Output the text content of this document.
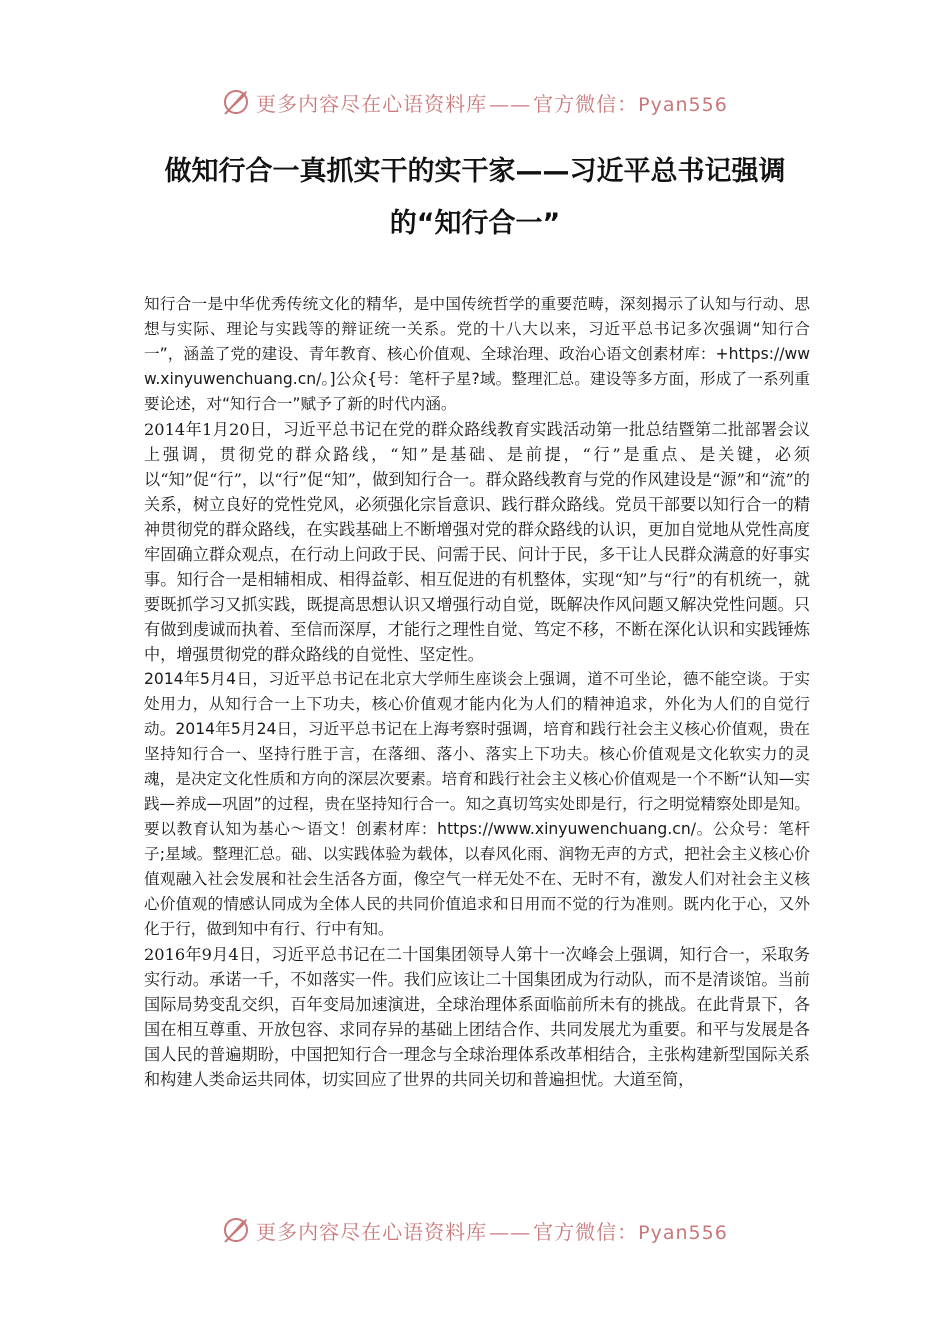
更多内容尽在心语资料库 —— 官方微信：Pyan556
做知行合一真抓实干的实干家——习近平总书记强调的“知行合一”

知行合一是中华优秀传统文化的精华，是中国传统哲学的重要范畴，深刻揭示了认知与行动、思想与实际、理论与实践等的辩证统一关系。党的十八大以来，习近平总书记多次强调“知行合一”，涵盖了党的建设、青年教育、核心价值观、全球治理、政治心语文创素材库：+https://www.xinyuwenchuang.cn/。]公众{号：笔杆子星?域。整理汇总。建设等多方面，形成了一系列重要论述，对“知行合一”赋予了新的时代内涵。

2014年1月20日，习近平总书记在党的群众路线教育实践活动第一批总结暨第二批部署会议上强调，贯彻党的群众路线，“知”是基础、是前提，“行”是重点、是关键，必须以“知”促“行”，以“行”促“知”，做到知行合一。群众路线教育与党的作风建设是“源”和“流”的关系，树立良好的党性党风，必须强化宗旨意识、践行群众路线。党员干部要以知行合一的精神贯彻党的群众路线，在实践基础上不断增强对党的群众路线的认识，更加自觉地从党性高度牢固确立群众观点，在行动上问政于民、问需于民、问计于民，多干让人民群众满意的好事实事。知行合一是相辅相成、相得益彰、相互促进的有机整体，实现“知”与“行”的有机统一，就要既抓学习又抓实践，既提高思想认识又增强行动自觉，既解决作风问题又解决党性问题。只有做到虔诚而执着、至信而深厚，才能行之理性自觉、笃定不移，不断在深化认识和实践锤炼中，增强贯彻党的群众路线的自觉性、坚定性。

2014年5月4日，习近平总书记在北京大学师生座谈会上强调，道不可坐论，德不能空谈。于实处用力，从知行合一上下功夫，核心价值观才能内化为人们的精神追求，外化为人们的自觉行动。2014年5月24日，习近平总书记在上海考察时强调，培育和践行社会主义核心价值观，贵在坚持知行合一、坚持行胜于言，在落细、落小、落实上下功夫。核心价值观是文化软实力的灵魂，是决定文化性质和方向的深层次要素。培育和践行社会主义核心价值观是一个不断“认知—实践—养成—巩固”的过程，贵在坚持知行合一。知之真切笃实处即是行，行之明觉精察处即是知。要以教育认知为基心～语文！创素材库：https://www.xinyuwenchuang.cn/。公众号：笔杆子;星域。整理汇总。础、以实践体验为载体，以春风化雨、润物无声的方式，把社会主义核心价值观融入社会发展和社会生活各方面，像空气一样无处不在、无时不有，激发人们对社会主义核心价值观的情感认同成为全体人民的共同价值追求和日用而不觉的行为准则。既内化于心，又外化于行，做到知中有行、行中有知。

2016年9月4日，习近平总书记在二十国集团领导人第十一次峰会上强调，知行合一，采取务实行动。承诺一千，不如落实一件。我们应该让二十国集团成为行动队，而不是清谈馆。当前国际局势变乱交织，百年变局加速演进，全球治理体系面临前所未有的挑战。在此背景下，各国在相互尊重、开放包容、求同存异的基础上团结合作、共同发展尤为重要。和平与发展是各国人民的普遍期盼，中国把知行合一理念与全球治理体系改革相结合，主张构建新型国际关系和构建人类命运共同体，切实回应了世界的共同关切和普遍担忧。大道至简，

更多内容尽在心语资料库 —— 官方微信：Pyan556
